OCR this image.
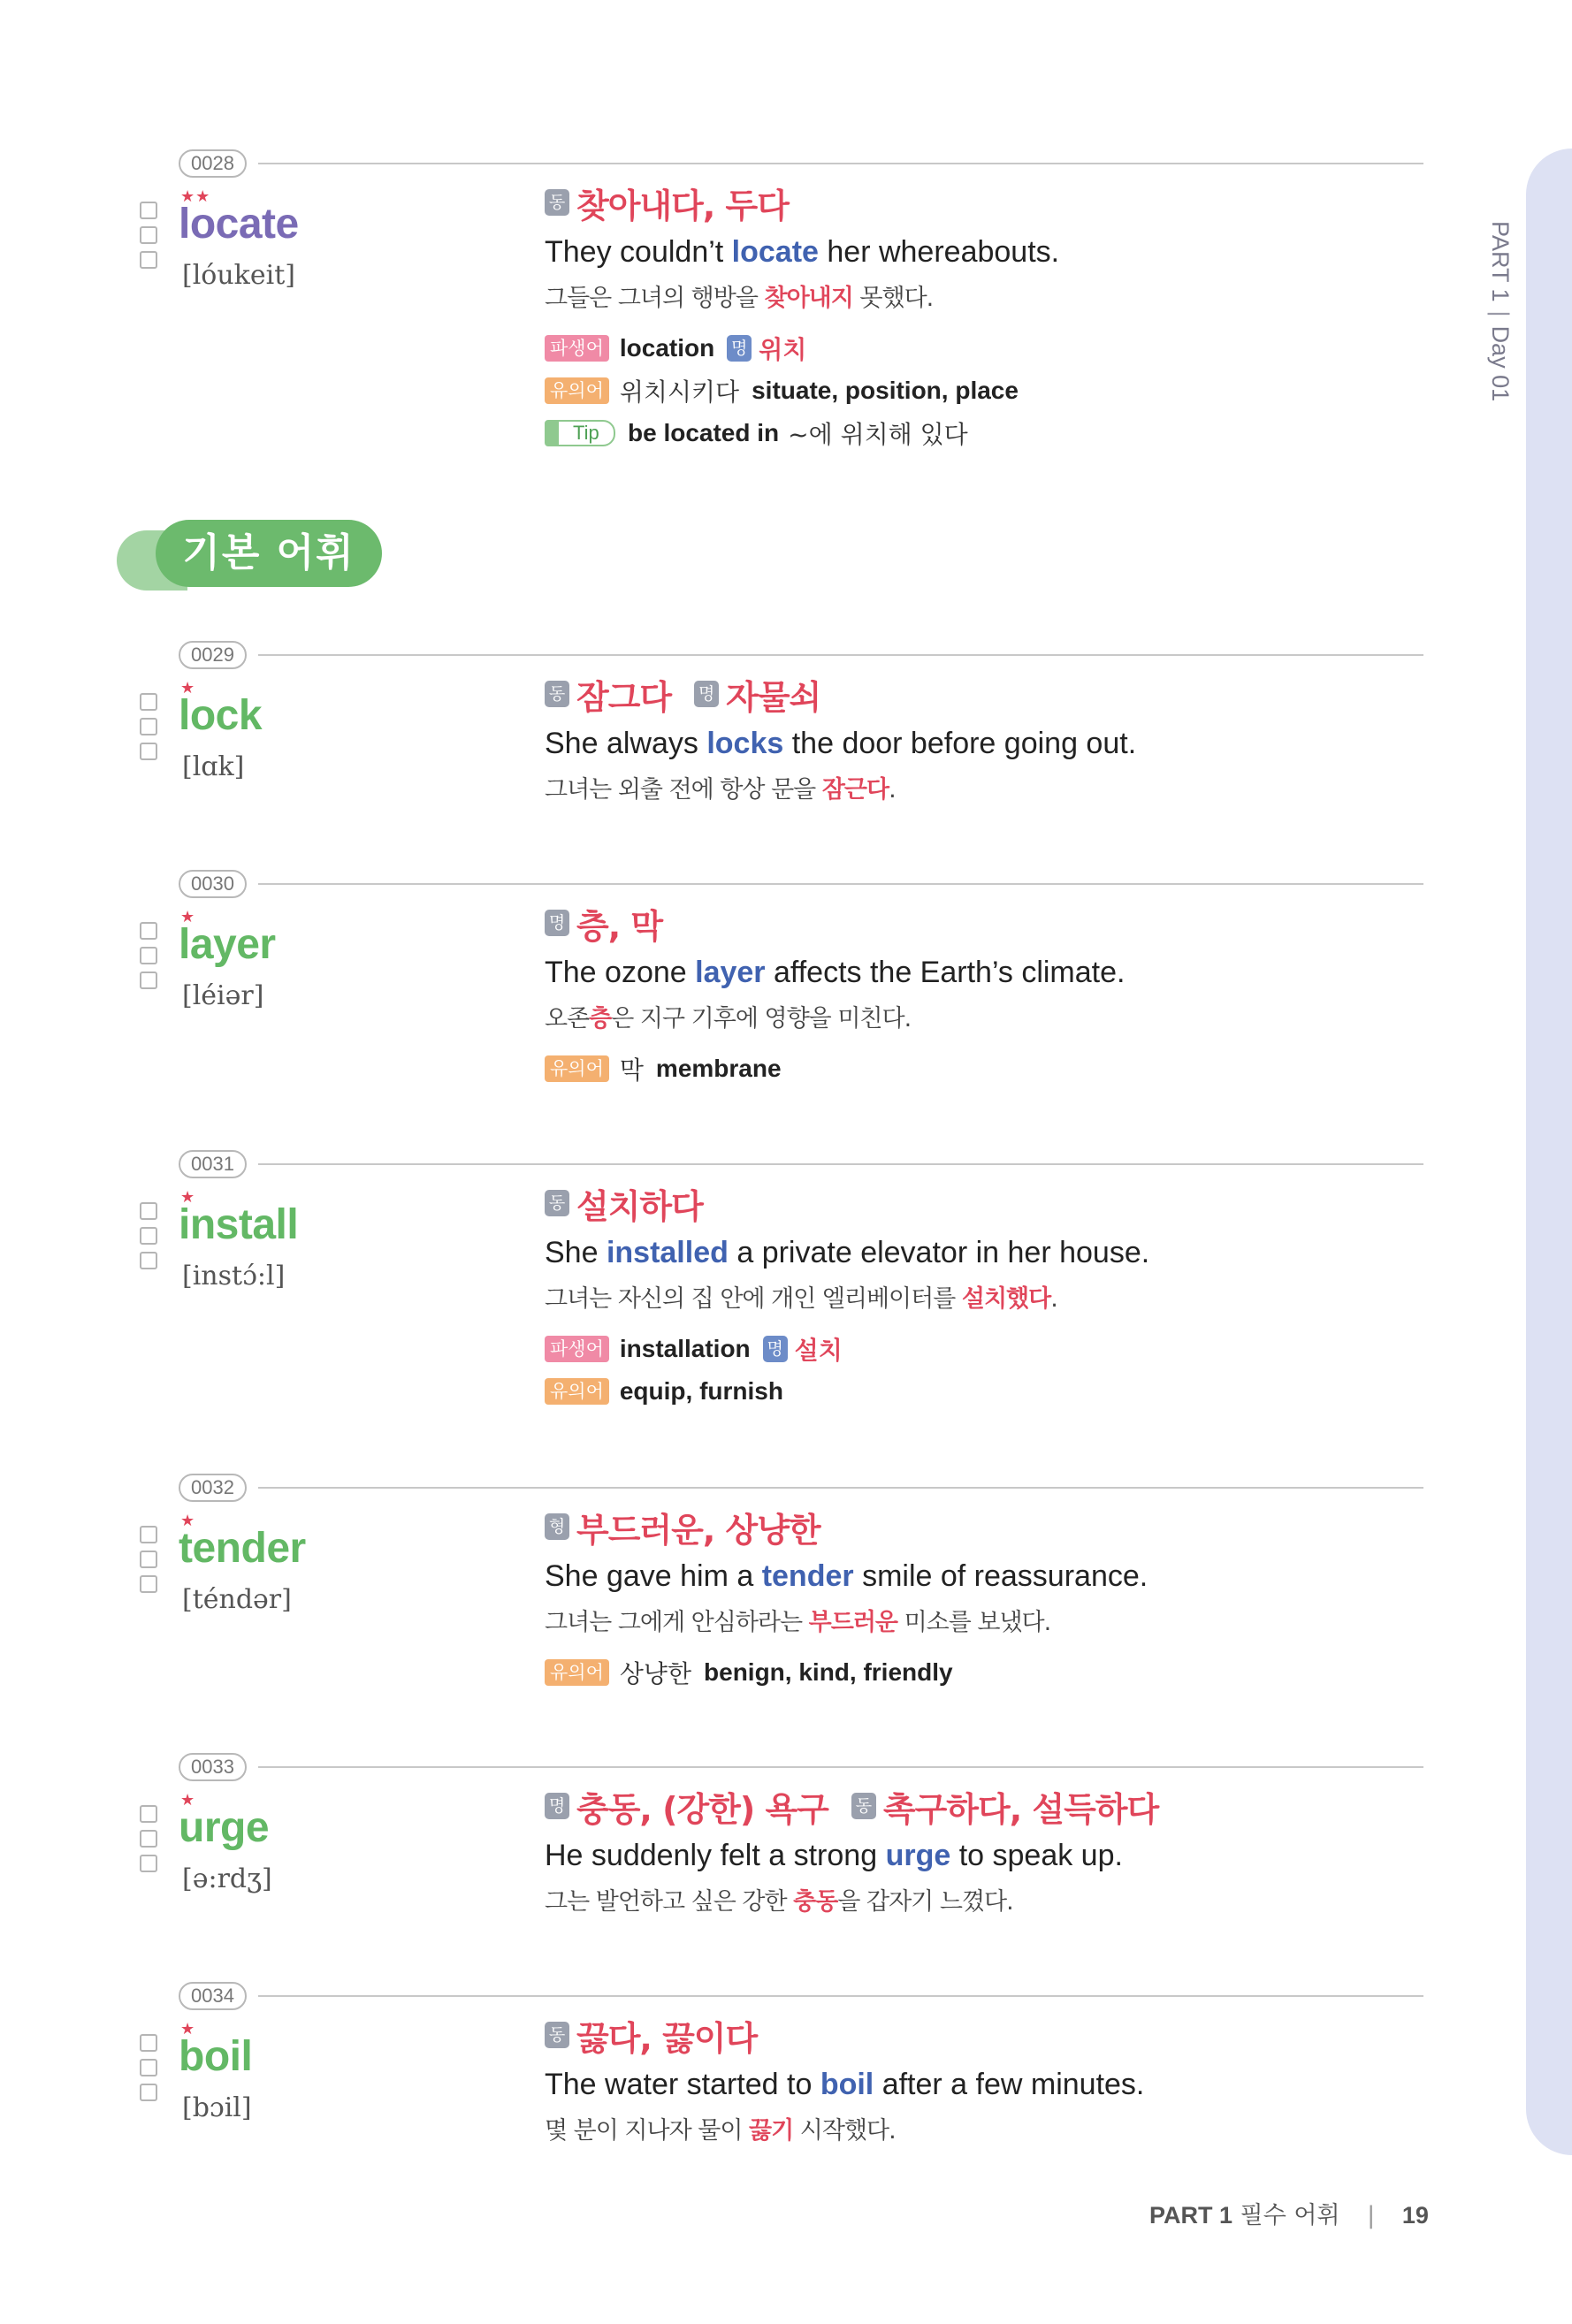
PART 1|Day 01
0028
★★
locate
[lóukeit]
동 찾아내다, 두다
They couldn’t locate her whereabouts.
그들은 그녀의 행방을 찾아내지 못했다.
파생어 location 명 위치
유의어 위치시키다 situate, position, place
Tip	be located in ~에 위치해 있다
기본 어휘
0029
★
lock
[lɑk]
동 잠그다 명 자물쇠
She always locks the door before going out.
그녀는 외출 전에 항상 문을 잠근다.
0030
★
layer
[léiər]
명 층, 막
The ozone layer affects the Earth’s climate.
오존층은 지구 기후에 영향을 미친다.
유의어 막 membrane
0031
★
install
[instɔ́:l]
동 설치하다
She installed a private elevator in her house.
그녀는 자신의 집 안에 개인 엘리베이터를 설치했다.
파생어 installation 명 설치
유의어 equip, furnish
0032
★
tender
[téndər]
형 부드러운, 상냥한
She gave him a tender smile of reassurance.
그녀는 그에게 안심하라는 부드러운 미소를 보냈다.
유의어 상냥한 benign, kind, friendly
0033
★
urge
[ə:rdʒ]
명 충동, (강한) 욕구 동 촉구하다, 설득하다
He suddenly felt a strong urge to speak up.
그는 발언하고 싶은 강한 충동을 갑자기 느꼈다.
0034
★
boil
[bɔil]
동 끓다, 끓이다
The water started to boil after a few minutes.
몇 분이 지나자 물이 끓기 시작했다.
PART 1 필수 어휘 | 19
